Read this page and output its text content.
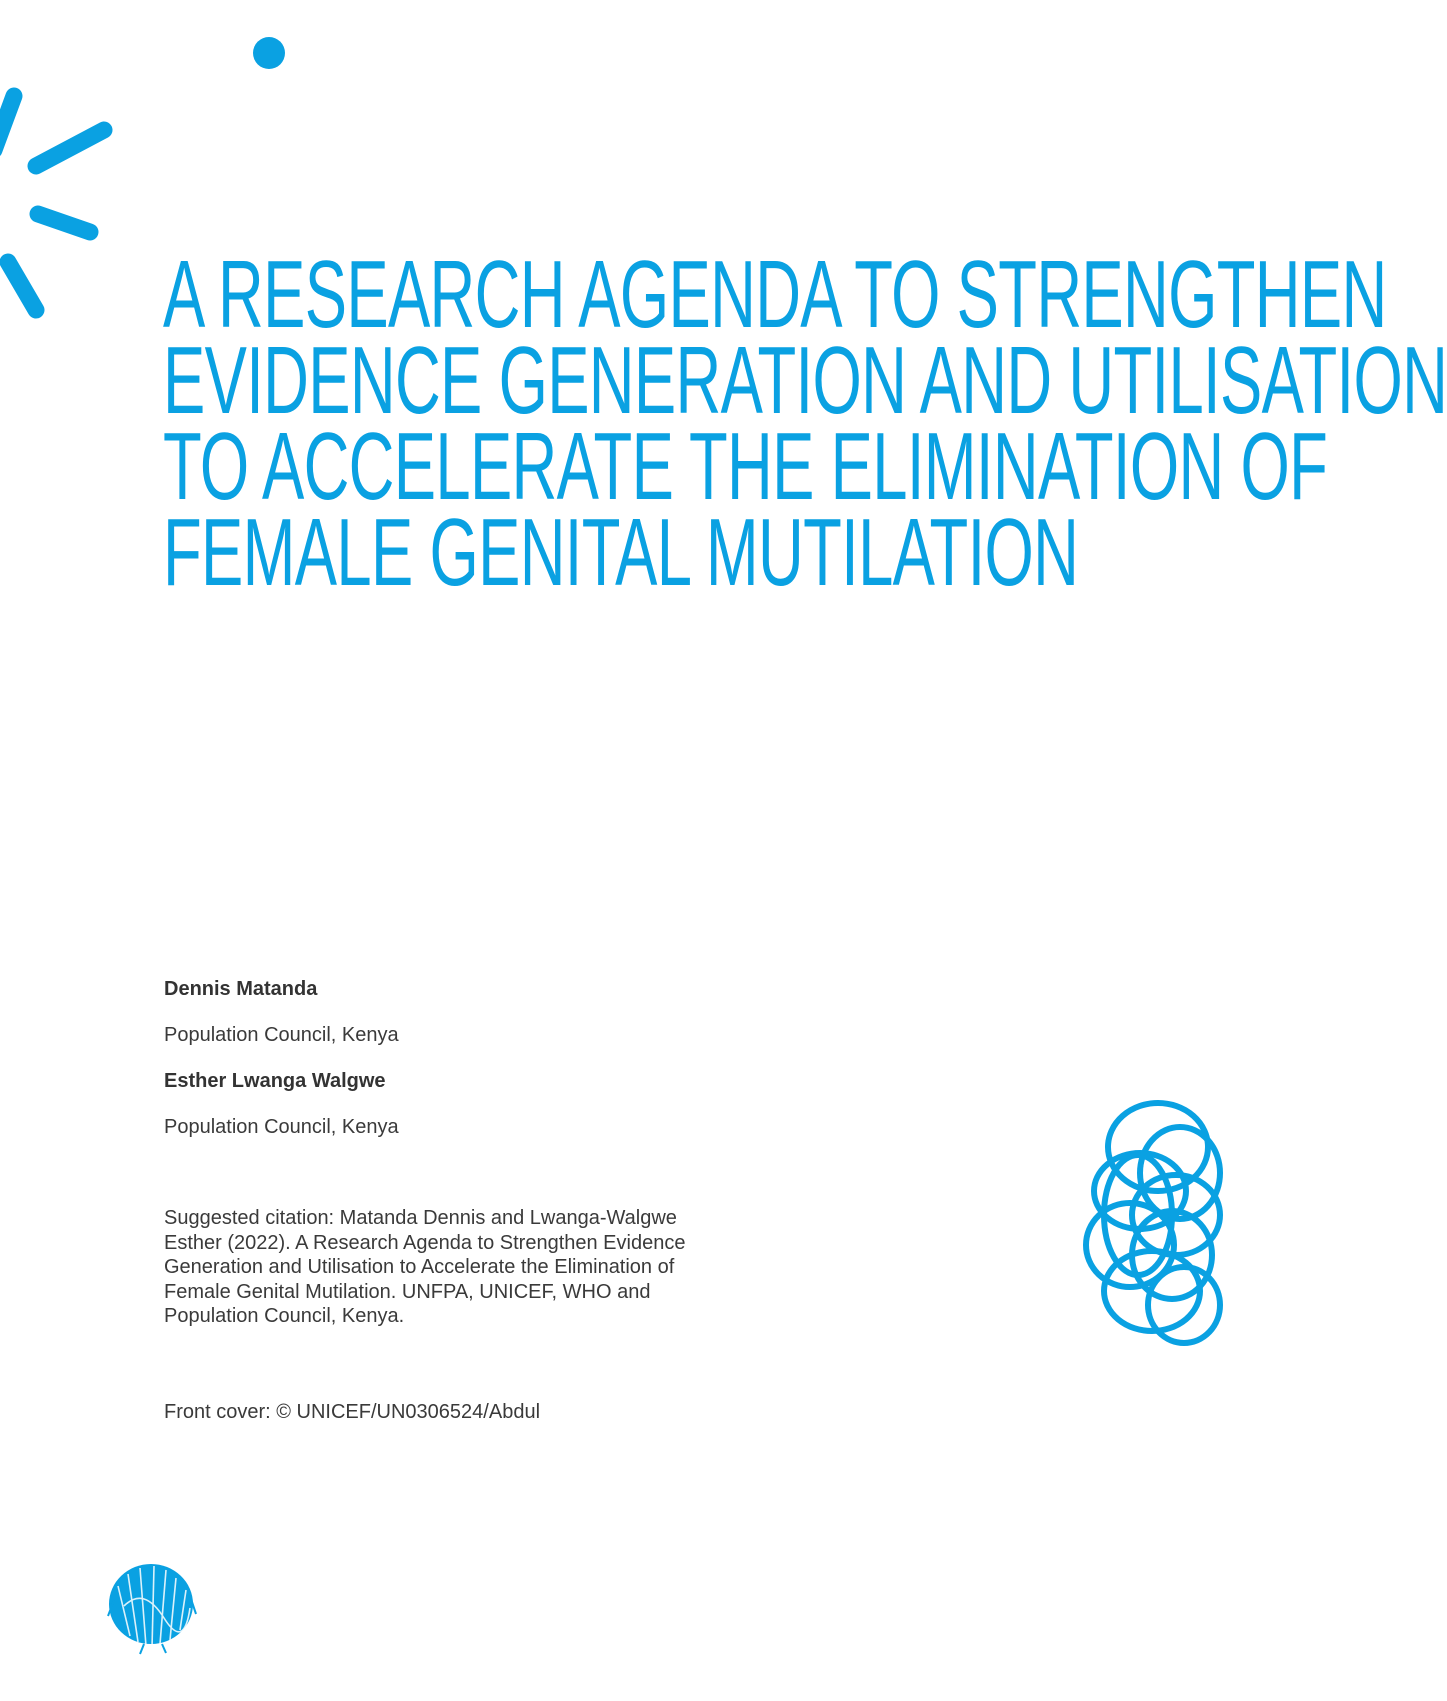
A RESEARCH AGENDA TO STRENGTHEN
EVIDENCE GENERATION AND UTILISATION
TO ACCELERATE THE ELIMINATION OF
FEMALE GENITAL MUTILATION

Dennis Matanda

Population Council, Kenya

Esther Lwanga Walgwe

Population Council, Kenya

Suggested citation: Matanda Dennis and Lwanga-Walgwe Esther (2022). A Research Agenda to Strengthen Evidence Generation and Utilisation to Accelerate the Elimination of Female Genital Mutilation. UNFPA, UNICEF, WHO and Population Council, Kenya.

Front cover: © UNICEF/UN0306524/Abdul
